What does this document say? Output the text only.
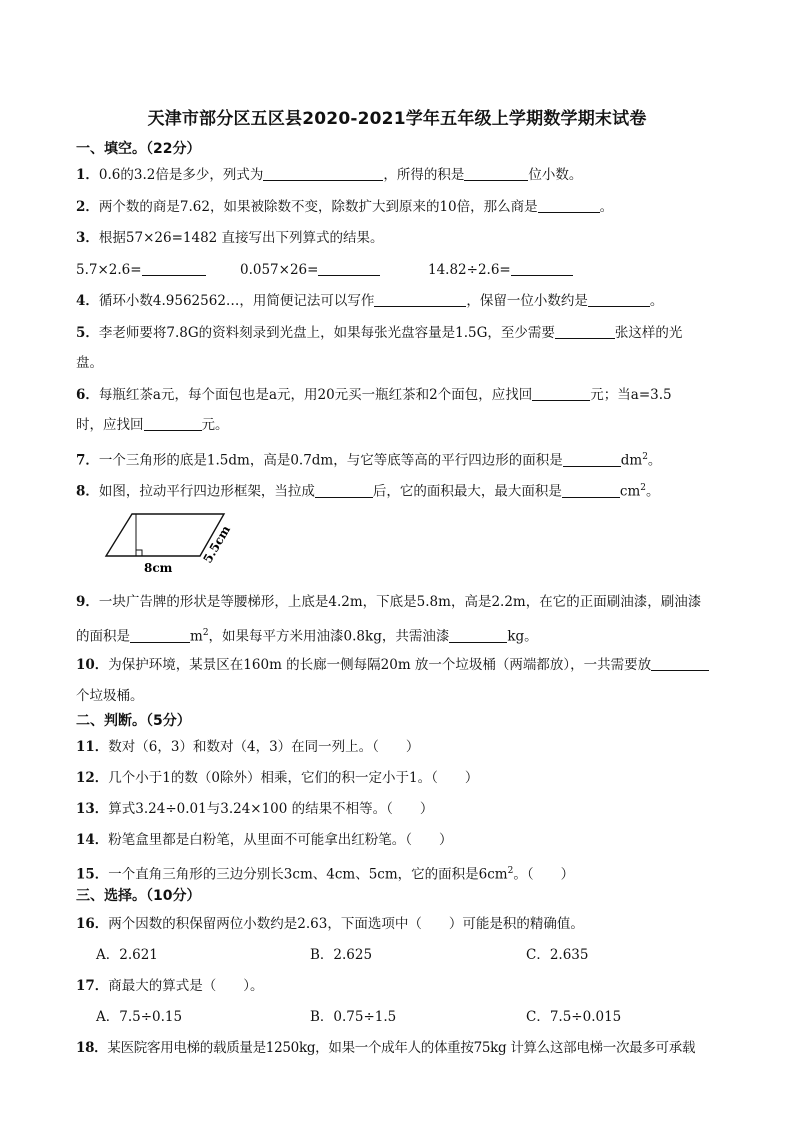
天津市部分区五区县2020-2021学年五年级上学期数学期末试卷
一、填空。（22分）
1．0.6的3.2倍是多少，列式为	，所得的积是	位小数。
2．两个数的商是7.62，如果被除数不变，除数扩大到原来的10倍，那么商是	。
3．根据57×26=1482 直接写出下列算式的结果。
5.7×2.6=	0.057×26=	14.82÷2.6=
4．循环小数4.9562562…，用简便记法可以写作	，保留一位小数约是	。
5．李老师要将7.8G的资料刻录到光盘上，如果每张光盘容量是1.5G，至少需要	张这样的光
盘。
6．每瓶红茶a元，每个面包也是a元，用20元买一瓶红茶和2个面包，应找回	元；当a=3.5
时，应找回	元。
7．一个三角形的底是1.5dm，高是0.7dm，与它等底等高的平行四边形的面积是	$dm^2$。
8．如图，拉动平行四边形框架，当拉成	后，它的面积最大，最大面积是	$cm^2$。
8cm
5.5cm
9．一块广告牌的形状是等腰梯形，上底是4.2m，下底是5.8m，高是2.2m，在它的正面刷油漆，刷油漆
的面积是	$m^2$，如果每平方米用油漆0.8kg，共需油漆	kg。
10．为保护环境，某景区在160m 的长廊一侧每隔20m 放一个垃圾桶（两端都放），一共需要放
个垃圾桶。
二、判断。（5分）
11．数对（6，3）和数对（4，3）在同一列上。（　　）
12．几个小于1的数（0除外）相乘，它们的积一定小于1。（　　）
13．算式3.24÷0.01与3.24×100 的结果不相等。（　　）
14．粉笔盒里都是白粉笔，从里面不可能拿出红粉笔。（　　）
15．一个直角三角形的三边分别长3cm、4cm、5cm，它的面积是$6cm^2$。（　　）
三、选择。（10分）
16．两个因数的积保留两位小数约是2.63，下面选项中（　　）可能是积的精确值。
A．2.621	B．2.625	C．2.635
17．商最大的算式是（　　）。
A．7.5÷0.15	B．0.75÷1.5	C．7.5÷0.015
18．某医院客用电梯的载质量是1250kg，如果一个成年人的体重按75kg 计算么这部电梯一次最多可承载
